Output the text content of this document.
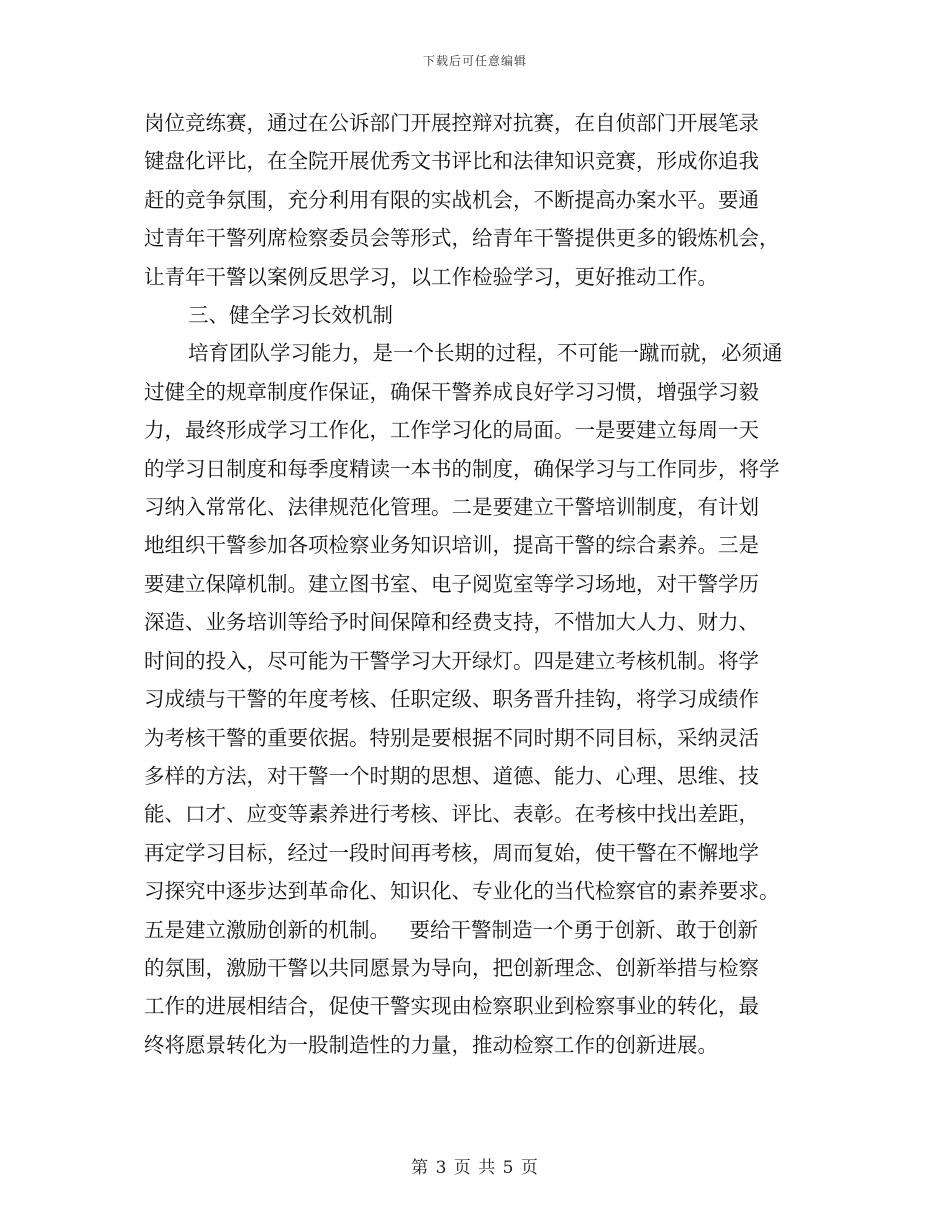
下载后可任意编辑
岗位竞练赛，通过在公诉部门开展控辩对抗赛，在自侦部门开展笔录
键盘化评比，在全院开展优秀文书评比和法律知识竞赛，形成你追我
赶的竞争氛围，充分利用有限的实战机会，不断提高办案水平。要通
过青年干警列席检察委员会等形式，给青年干警提供更多的锻炼机会，
让青年干警以案例反思学习，以工作检验学习，更好推动工作。
三、健全学习长效机制
培育团队学习能力，是一个长期的过程，不可能一蹴而就，必须通
过健全的规章制度作保证，确保干警养成良好学习习惯，增强学习毅
力，最终形成学习工作化，工作学习化的局面。一是要建立每周一天
的学习日制度和每季度精读一本书的制度，确保学习与工作同步，将学
习纳入常常化、法律规范化管理。二是要建立干警培训制度，有计划
地组织干警参加各项检察业务知识培训，提高干警的综合素养。三是
要建立保障机制。建立图书室、电子阅览室等学习场地，对干警学历
深造、业务培训等给予时间保障和经费支持，不惜加大人力、财力、
时间的投入，尽可能为干警学习大开绿灯。四是建立考核机制。将学
习成绩与干警的年度考核、任职定级、职务晋升挂钩，将学习成绩作
为考核干警的重要依据。特别是要根据不同时期不同目标，采纳灵活
多样的方法，对干警一个时期的思想、道德、能力、心理、思维、技
能、口才、应变等素养进行考核、评比、表彰。在考核中找出差距，
再定学习目标，经过一段时间再考核，周而复始，使干警在不懈地学
习探究中逐步达到革命化、知识化、专业化的当代检察官的素养要求。
五是建立激励创新的机制。   要给干警制造一个勇于创新、敢于创新
的氛围，激励干警以共同愿景为导向，把创新理念、创新举措与检察
工作的进展相结合，促使干警实现由检察职业到检察事业的转化，最
终将愿景转化为一股制造性的力量，推动检察工作的创新进展。
第 3 页 共 5 页
